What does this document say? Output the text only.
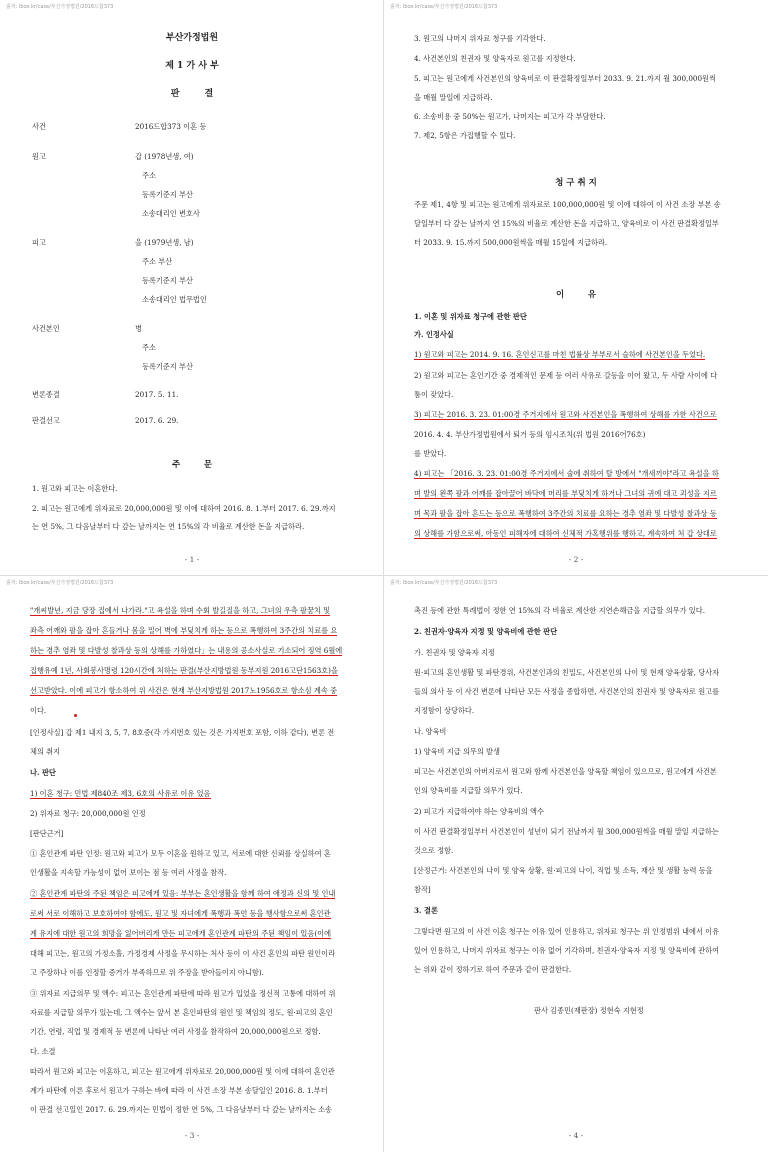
출처: lbox.kr/case/부산가정법원/2016드합373
부산가정법원
제 1 가 사 부
판        결
사건	2016드합373 이혼 등
원고	갑 (1978년생, 여)
주소
등록기준지 부산
소송대리인 변호사
피고	을 (1979년생, 남)
주소 부산
등록기준지 부산
소송대리인 법무법인
사건본인	병
주소
등록기준지 부산
변론종결	2017. 5. 11.
판결선고	2017. 6. 29.
주        문
1. 원고와 피고는 이혼한다.
2. 피고는 원고에게 위자료로 20,000,000원 및 이에 대하여 2016. 8. 1.부터 2017. 6. 29.까지
는 연 5%, 그 다음날부터 다 갚는 날까지는 연 15%의 각 비율로 계산한 돈을 지급하라.
- 1 -
출처: lbox.kr/case/부산가정법원/2016드합373
3. 원고의 나머지 위자료 청구를 기각한다.
4. 사건본인의 친권자 및 양육자로 원고를 지정한다.
5. 피고는 원고에게 사건본인의 양육비로 이 판결확정일부터 2033. 9. 21.까지 월 300,000원씩
을 매월 말일에 지급하라.
6. 소송비용 중 50%는 원고가, 나머지는 피고가 각 부담한다.
7. 제2, 5항은 가집행할 수 있다.
청 구 취 지
주문 제1, 4항 및 피고는 원고에게 위자료로 100,000,000원 및 이에 대하여 이 사건 소장 부본 송
달일부터 다 갚는 날까지 연 15%의 비율로 계산한 돈을 지급하고, 양육비로 이 사건 판결확정일부
터 2033. 9. 15.까지 500,000원씩을 매월 15일에 지급하라.
이        유
1. 이혼 및 위자료 청구에 관한 판단
가. 인정사실
1) 원고와 피고는 2014. 9. 16. 혼인신고를 마친 법률상 부부로서 슬하에 사건본인을 두었다.
2) 원고와 피고는 혼인기간 중 경제적인 문제 등 여러 사유로 갈등을 이어 왔고, 두 사람 사이에 다
툼이 잦았다.
3) 피고는 2016. 3. 23. 01:00경 주거지에서 원고와 사건본인을 폭행하여 상해를 가한 사건으로
2016. 4. 4. 부산가정법원에서 퇴거 등의 임시조치(위 법원 2016어76호)
를 받았다.
4) 피고는 「2016. 3. 23. 01:00경 주거지에서 술에 취하여 탈 방에서 "개새끼야"라고 욕설을 하
며 발의 왼쪽 팔과 어깨를 잡아끌어 바닥에 머리를 부딪치게 하거나 그녀의 귀에 대고 괴성을 지르
며 목과 팔을 잡아 흔드는 등으로 폭행하여 3주간의 치료를 요하는 경추 염좌 및 다발성 찰과상 등
의 상해를 가함으로써, 아동인 피해자에 대하여 신체적 가혹행위를 행하고, 계속하여 처 갑 상대로
- 2 -
출처: lbox.kr/case/부산가정법원/2016드합373
"개씨발년, 지금 당장 집에서 나가라."고 욕설을 하며 수회 발길질을 하고, 그녀의 우측 팔꿈치 및
좌측 어깨와 팔을 잡아 흔들거나 몸을 밀어 벽에 부딪치게 하는 등으로 폭행하여 3주간의 치료를 요
하는 경추 염좌 및 다발성 찰과상 등의 상해를 가하였다」는 내용의 공소사실로 기소되어 징역 6월에
집행유예 1년, 사회봉사명령 120시간에 처하는 판결(부산지방법원 동부지원 2016고단1563호)을
선고받았다. 이에 피고가 항소하여 위 사건은 현재 부산지방법원 2017노1956호로 항소심 계속 중
이다.
[인정사실] 갑 제1 내지 3, 5, 7, 8호증(각 가지번호 있는 것은 가지번호 포함, 이하 같다), 변론 전
체의 취지
나. 판단
1) 이혼 청구: 민법 제840조 제3, 6호의 사유로 이유 있음
2) 위자료 청구: 20,000,000원 인정
[판단근거]
① 혼인관계 파탄 인정: 원고와 피고가 모두 이혼을 원하고 있고, 서로에 대한 신뢰를 상실하여 혼
인생활을 지속할 가능성이 없어 보이는 점 등 여러 사정을 참작.
② 혼인관계 파탄의 주된 책임은 피고에게 있음: 부부는 혼인생활을 함께 하여 애정과 신의 및 인내
로써 서로 이해하고 보호하여야 함에도, 원고 및 자녀에게 폭행과 폭언 등을 행사함으로써 혼인관
계 유지에 대한 원고의 희망을 잃어버리게 만든 피고에게 혼인관계 파탄의 주된 책임이 있음(이에
대해 피고는, 원고의 가정소홀, 가정경제 사정을 무시하는 처사 등이 이 사건 혼인의 파탄 원인이라
고 주장하나 이를 인정할 증거가 부족하므로 위 주장을 받아들이지 아니함).
③ 위자료 지급의무 및 액수: 피고는 혼인관계 파탄에 따라 원고가 입었을 정신적 고통에 대하여 위
자료를 지급할 의무가 있는데, 그 액수는 앞서 본 혼인파탄의 원인 및 책임의 정도, 원·피고의 혼인
기간, 연령, 직업 및 경제적 등 변론에 나타난 여러 사정을 참작하여 20,000,000원으로 정함.
다. 소결
따라서 원고와 피고는 이혼하고, 피고는 원고에게 위자료로 20,000,000원 및 이에 대하여 혼인관
계가 파탄에 이른 후로서 원고가 구하는 바에 따라 이 사건 소장 부본 송달일인 2016. 8. 1.부터
이 판결 선고일인 2017. 6. 29.까지는 민법이 정한 연 5%, 그 다음날부터 다 갚는 날까지는 소송
- 3 -
출처: lbox.kr/case/부산가정법원/2016드합373
촉진 등에 관한 특례법이 정한 연 15%의 각 비율로 계산한 지연손해금을 지급할 의무가 있다.
2. 친권자·양육자 지정 및 양육비에 관한 판단
가. 친권자 및 양육자 지정
원·피고의 혼인생활 및 파탄경위, 사건본인과의 친밀도, 사건본인의 나이 및 현재 양육상황, 당사자
들의 의사 등 이 사건 변론에 나타난 모든 사정을 종합하면, 사건본인의 친권자 및 양육자로 원고를
지정함이 상당하다.
나. 양육비
1) 양육비 지급 의무의 발생
피고는 사건본인의 아버지로서 원고와 함께 사건본인을 양육할 책임이 있으므로, 원고에게 사건본
인의 양육비를 지급할 의무가 있다.
2) 피고가 지급하여야 하는 양육비의 액수
이 사건 판결확정일부터 사건본인이 성년이 되기 전날까지 월 300,000원씩을 매월 말일 지급하는
것으로 정함.
[산정근거: 사건본인의 나이 및 양육 상황, 원·피고의 나이, 직업 및 소득, 재산 및 생활 능력 등을
참작]
3. 결론
그렇다면 원고의 이 사건 이혼 청구는 이유 있어 인용하고, 위자료 청구는 위 인정범위 내에서 이유
있어 인용하고, 나머지 위자료 청구는 이유 없어 기각하며, 친권자·양육자 지정 및 양육비에 관하여
는 위와 같이 정하기로 하여 주문과 같이 판결한다.
판사 김종민(재판장) 정현숙 지현정
- 4 -
